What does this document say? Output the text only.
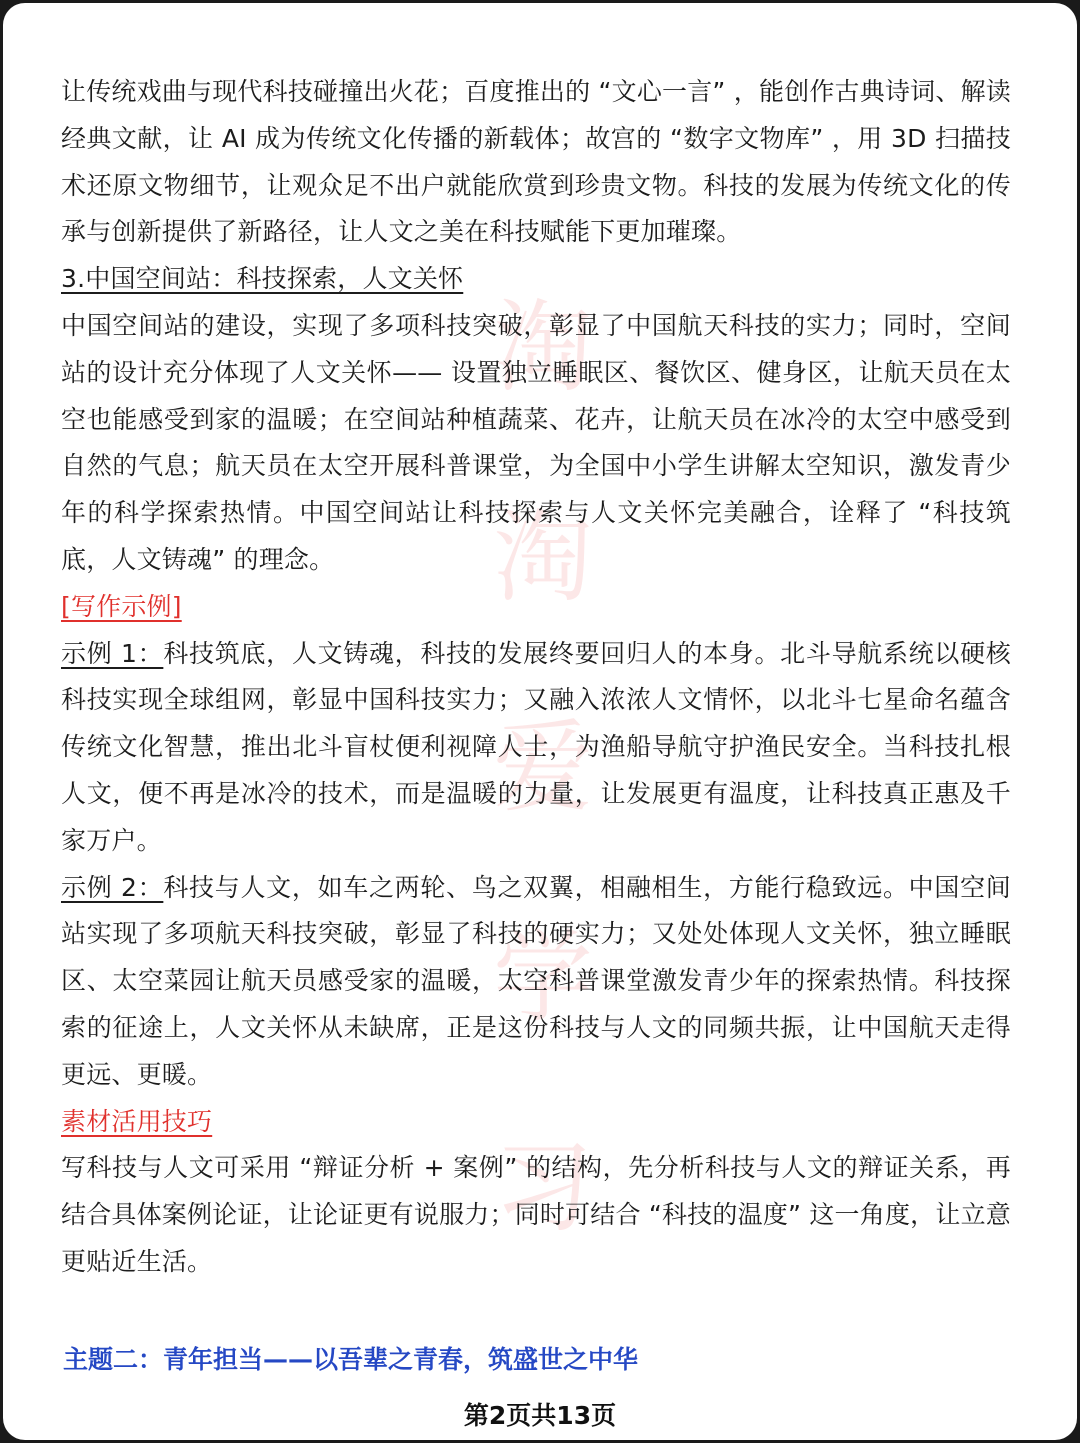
淘
淘
爱
学
习

让传统戏曲与现代科技碰撞出火花；百度推出的 “文心一言” ，能创作古典诗词、解读经典文献，让 AI 成为传统文化传播的新载体；故宫的 “数字文物库” ，用 3D 扫描技术还原文物细节，让观众足不出户就能欣赏到珍贵文物。科技的发展为传统文化的传承与创新提供了新路径，让人文之美在科技赋能下更加璀璨。

3.中国空间站：科技探索，人文关怀

中国空间站的建设，实现了多项科技突破，彰显了中国航天科技的实力；同时，空间站的设计充分体现了人文关怀—— 设置独立睡眠区、餐饮区、健身区，让航天员在太空也能感受到家的温暖；在空间站种植蔬菜、花卉，让航天员在冰冷的太空中感受到自然的气息；航天员在太空开展科普课堂，为全国中小学生讲解太空知识，激发青少年的科学探索热情。中国空间站让科技探索与人文关怀完美融合，诠释了 “科技筑底，人文铸魂” 的理念。

[写作示例]

示例 1：科技筑底，人文铸魂，科技的发展终要回归人的本身。北斗导航系统以硬核科技实现全球组网，彰显中国科技实力；又融入浓浓人文情怀，以北斗七星命名蕴含传统文化智慧，推出北斗盲杖便利视障人士，为渔船导航守护渔民安全。当科技扎根人文，便不再是冰冷的技术，而是温暖的力量，让发展更有温度，让科技真正惠及千家万户。

示例 2：科技与人文，如车之两轮、鸟之双翼，相融相生，方能行稳致远。中国空间站实现了多项航天科技突破，彰显了科技的硬实力；又处处体现人文关怀，独立睡眠区、太空菜园让航天员感受家的温暖，太空科普课堂激发青少年的探索热情。科技探索的征途上，人文关怀从未缺席，正是这份科技与人文的同频共振，让中国航天走得更远、更暖。

素材活用技巧

写科技与人文可采用 “辩证分析 + 案例” 的结构，先分析科技与人文的辩证关系，再结合具体案例论证，让论证更有说服力；同时可结合 “科技的温度” 这一角度，让立意更贴近生活。

主题二：青年担当——以吾辈之青春，筑盛世之中华
第2页共13页
